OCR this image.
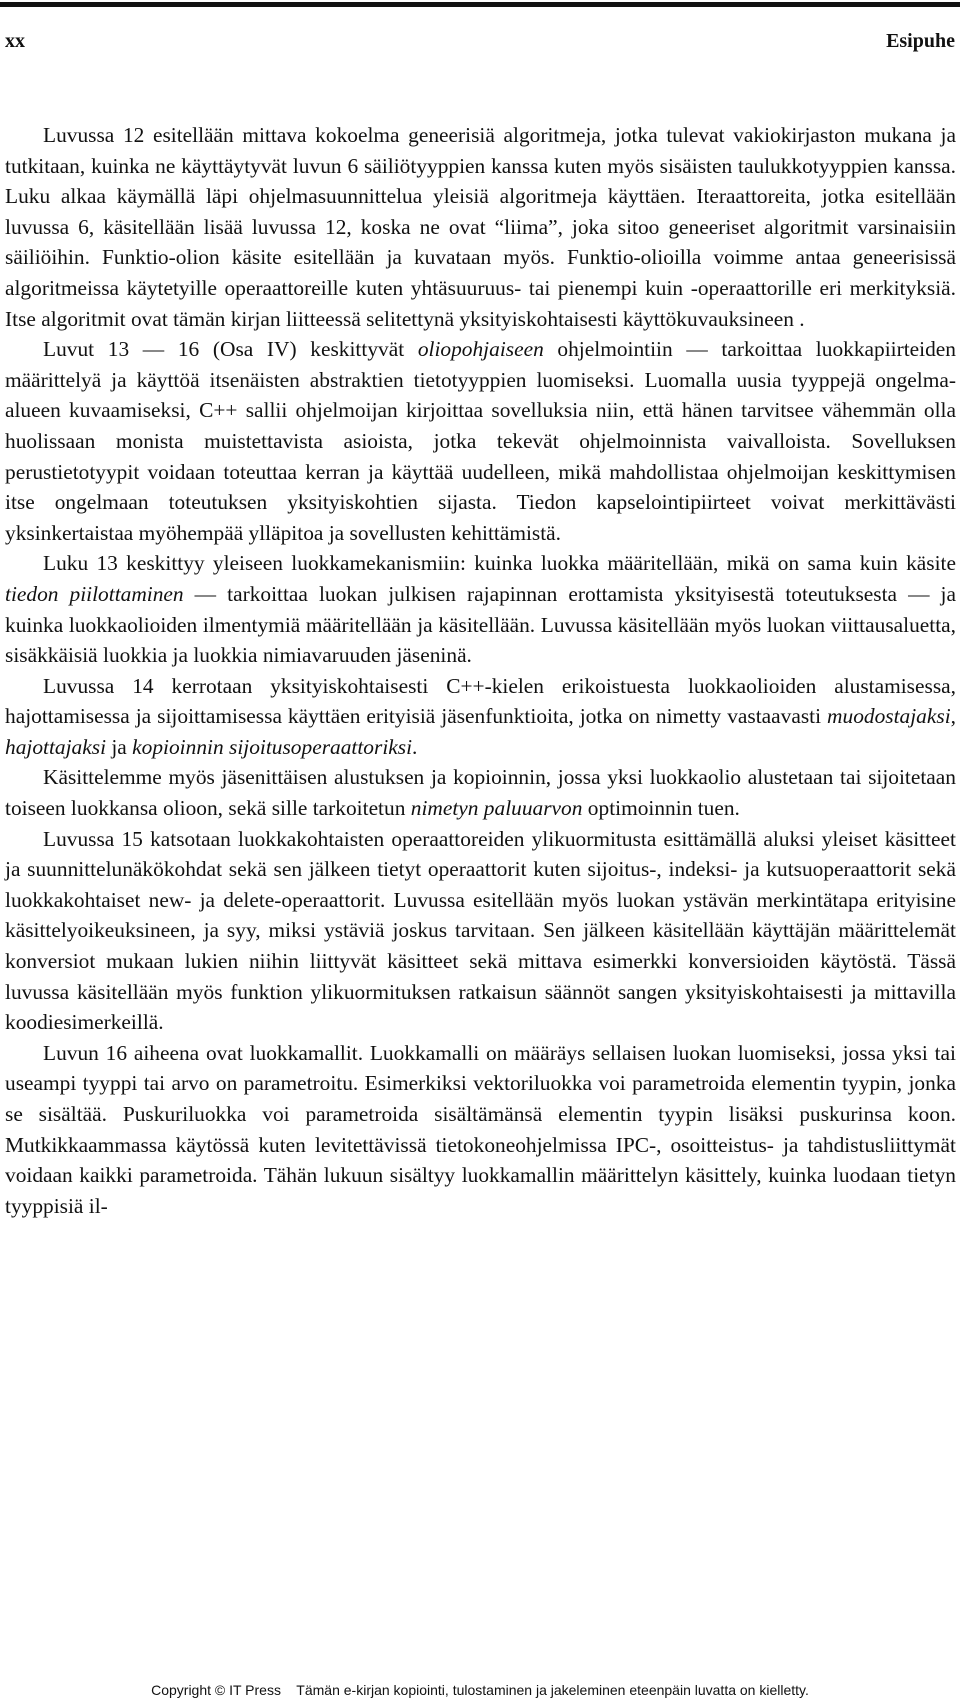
xx	Esipuhe

Luvussa 12 esitellään mittava kokoelma geneerisiä algoritmeja, jotka tulevat vakiokirjaston mukana ja tutkitaan, kuinka ne käyttäytyvät luvun 6 säiliötyyppien kanssa kuten myös sisäisten taulukkotyyppien kanssa. Luku alkaa käymällä läpi ohjelmasuunnittelua yleisiä algoritmeja käyttäen. Iteraattoreita, jotka esitellään luvussa 6, käsitellään lisää luvussa 12, koska ne ovat “liima”, joka sitoo geneeriset algoritmit varsinaisiin säiliöihin. Funktio-olion käsite esitellään ja kuvataan myös. Funktio-olioilla voimme antaa geneerisissä algoritmeissa käytetyille operaattoreille kuten yhtäsuuruus- tai pienempi kuin -operaattorille eri merkityksiä. Itse algoritmit ovat tämän kirjan liitteessä selitettynä yksityiskohtaisesti käyttökuvauksineen .

Luvut 13 — 16 (Osa IV) keskittyvät oliopohjaiseen ohjelmointiin — tarkoittaa luokkapiirteiden määrittelyä ja käyttöä itsenäisten abstraktien tietotyyppien luomiseksi. Luomalla uusia tyyppejä ongelma-alueen kuvaamiseksi, C++ sallii ohjelmoijan kirjoittaa sovelluksia niin, että hänen tarvitsee vähemmän olla huolissaan monista muistettavista asioista, jotka tekevät ohjelmoinnista vaivalloista. Sovelluksen perustietotyypit voidaan toteuttaa kerran ja käyttää uudelleen, mikä mahdollistaa ohjelmoijan keskittymisen itse ongelmaan toteutuksen yksityiskohtien sijasta. Tiedon kapselointipiirteet voivat merkittävästi yksinkertaistaa myöhempää ylläpitoa ja sovellusten kehittämistä.

Luku 13 keskittyy yleiseen luokkamekanismiin: kuinka luokka määritellään, mikä on sama kuin käsite tiedon piilottaminen — tarkoittaa luokan julkisen rajapinnan erottamista yksityisestä toteutuksesta — ja kuinka luokkaolioiden ilmentymiä määritellään ja käsitellään. Luvussa käsitellään myös luokan viittausaluetta, sisäkkäisiä luokkia ja luokkia nimiavaruuden jäseninä.

Luvussa 14 kerrotaan yksityiskohtaisesti C++-kielen erikoistuesta luokkaolioiden alustamisessa, hajottamisessa ja sijoittamisessa käyttäen erityisiä jäsenfunktioita, jotka on nimetty vastaavasti muodostajaksi, hajottajaksi ja kopioinnin sijoitusoperaattoriksi.

Käsittelemme myös jäsenittäisen alustuksen ja kopioinnin, jossa yksi luokkaolio alustetaan tai sijoitetaan toiseen luokkansa olioon, sekä sille tarkoitetun nimetyn paluuarvon optimoinnin tuen.

Luvussa 15 katsotaan luokkakohtaisten operaattoreiden ylikuormitusta esittämällä aluksi yleiset käsitteet ja suunnittelunäkökohdat sekä sen jälkeen tietyt operaattorit kuten sijoitus-, indeksi- ja kutsuoperaattorit sekä luokkakohtaiset new- ja delete-operaattorit. Luvussa esitellään myös luokan ystävän merkintätapa erityisine käsittelyoikeuksineen, ja syy, miksi ystäviä joskus tarvitaan. Sen jälkeen käsitellään käyttäjän määrittelemät konversiot mukaan lukien niihin liittyvät käsitteet sekä mittava esimerkki konversioiden käytöstä. Tässä luvussa käsitellään myös funktion ylikuormituksen ratkaisun säännöt sangen yksityiskohtaisesti ja mittavilla koodiesimerkeillä.

Luvun 16 aiheena ovat luokkamallit. Luokkamalli on määräys sellaisen luokan luomiseksi, jossa yksi tai useampi tyyppi tai arvo on parametroitu. Esimerkiksi vektoriluokka voi parametroida elementin tyypin, jonka se sisältää. Puskuriluokka voi parametroida sisältämänsä elementin tyypin lisäksi puskurinsa koon. Mutkikkaammassa käytössä kuten levitettävissä tietokoneohjelmissa IPC-, osoitteistus- ja tahdistusliittymät voidaan kaikki parametroida. Tähän lukuun sisältyy luokkamallin määrittelyn käsittely, kuinka luodaan tietyn tyyppisiä il-

Copyright © IT Press Tämän e-kirjan kopiointi, tulostaminen ja jakeleminen eteenpäin luvatta on kielletty.
